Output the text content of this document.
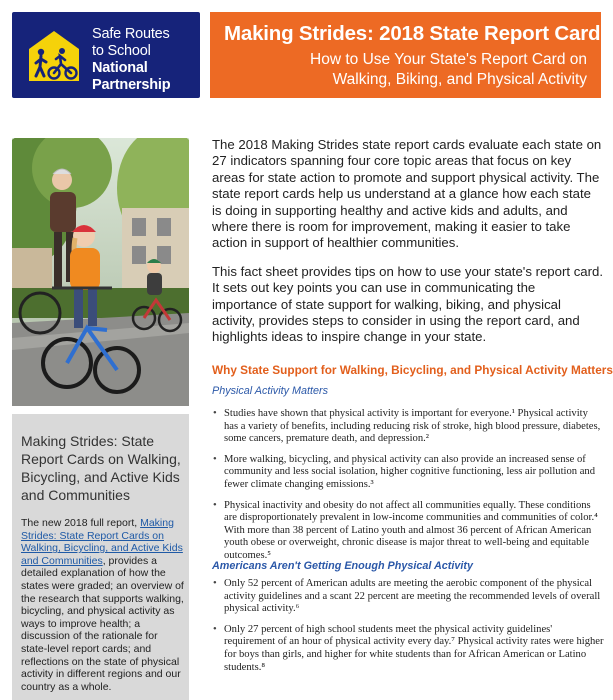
Safe Routes
to School
National
Partnership
Making Strides: 2018 State Report Cards
How to Use Your State's Report Card on
Walking, Biking, and Physical Activity
Making Strides: State Report Cards on Walking, Bicycling, and Active Kids and Communities
The new 2018 full report, Making Strides: State Report Cards on Walking, Bicycling, and Active Kids and Communities, provides a detailed explanation of how the states were graded; an overview of the research that supports walking, bicycling, and physical activity as ways to improve health; a discussion of the rationale for state-level report cards; and reflections on the state of physical activity in different regions and our country as a whole.

The 2018 Making Strides state report cards evaluate each state on 27 indicators spanning four core topic areas that focus on key areas for state action to promote and support physical activity. The state report cards help us understand at a glance how each state is doing in supporting healthy and active kids and adults, and where there is room for improvement, making it easier to take action in support of healthier communities.

This fact sheet provides tips on how to use your state's report card. It sets out key points you can use in communicating the importance of state support for walking, biking, and physical activity, provides steps to consider in using the report card, and highlights ideas to inspire change in your state.

Why State Support for Walking, Bicycling, and Physical Activity Matters
Physical Activity Matters
• Studies have shown that physical activity is important for everyone.¹ Physical activity has a variety of benefits, including reducing risk of stroke, high blood pressure, diabetes, some cancers, premature death, and depression.²
• More walking, bicycling, and physical activity can also provide an increased sense of community and less social isolation, higher cognitive functioning, less air pollution and fewer climate changing emissions.³
• Physical inactivity and obesity do not affect all communities equally. These conditions are disproportionately prevalent in low-income communities and communities of color.⁴ With more than 38 percent of Latino youth and almost 36 percent of African American youth obese or overweight, chronic disease is major threat to well-being and equitable outcomes.⁵
Americans Aren't Getting Enough Physical Activity
• Only 52 percent of American adults are meeting the aerobic component of the physical activity guidelines and a scant 22 percent are meeting the recommended levels of overall physical activity.⁶
• Only 27 percent of high school students meet the physical activity guidelines' requirement of an hour of physical activity every day.⁷ Physical activity rates were higher for boys than girls, and higher for white students than for African American or Latino students.⁸
